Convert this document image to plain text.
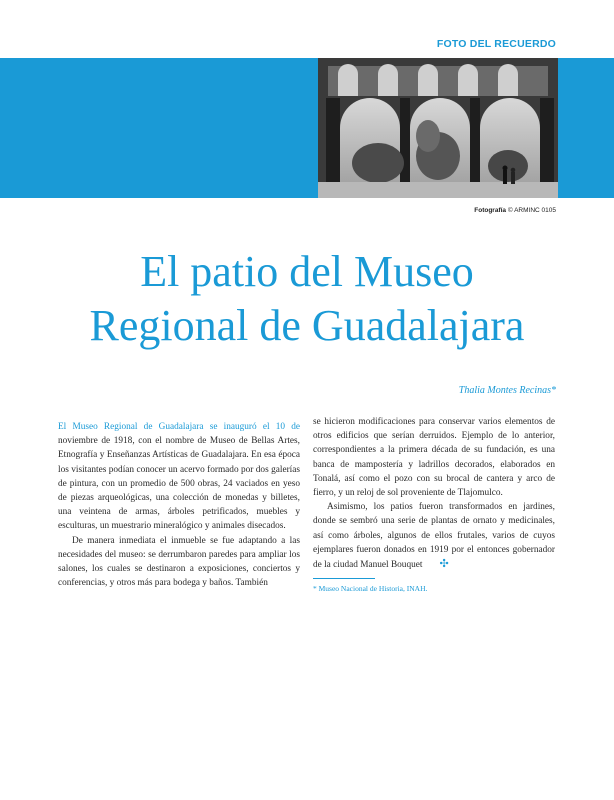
FOTO DEL RECUERDO
Fotografía © ARMINC 0105
El patio del Museo
Regional de Guadalajara
Thalia Montes Recinas*

El Museo Regional de Guadalajara se inauguró el 10 de noviembre de 1918, con el nombre de Museo de Bellas Artes, Etnografía y Enseñanzas Artísticas de Guadalajara. En esa época los visitantes podían conocer un acervo formado por dos galerías de pintura, con un promedio de 500 obras, 24 vaciados en yeso de piezas arqueológicas, una colección de monedas y billetes, una veintena de armas, árboles petrificados, muebles y esculturas, un muestrario mineralógico y animales disecados.

De manera inmediata el inmueble se fue adaptando a las necesidades del museo: se derrumbaron paredes para ampliar los salones, los cuales se destinaron a exposiciones, conciertos y conferencias, y otros más para bodega y baños. También

se hicieron modificaciones para conservar varios elementos de otros edificios que serían derruidos. Ejemplo de lo anterior, correspondientes a la primera década de su fundación, es una banca de mampostería y ladrillos decorados, elaborados en Tonalá, así como el pozo con su brocal de cantera y arco de fierro, y un reloj de sol proveniente de Tlajomulco.

Asimismo, los patios fueron transformados en jardines, donde se sembró una serie de plantas de ornato y medicinales, así como árboles, algunos de ellos frutales, varios de cuyos ejemplares fueron donados en 1919 por el entonces gobernador de la ciudad Manuel Bouquet ✣

* Museo Nacional de Historia, INAH.
